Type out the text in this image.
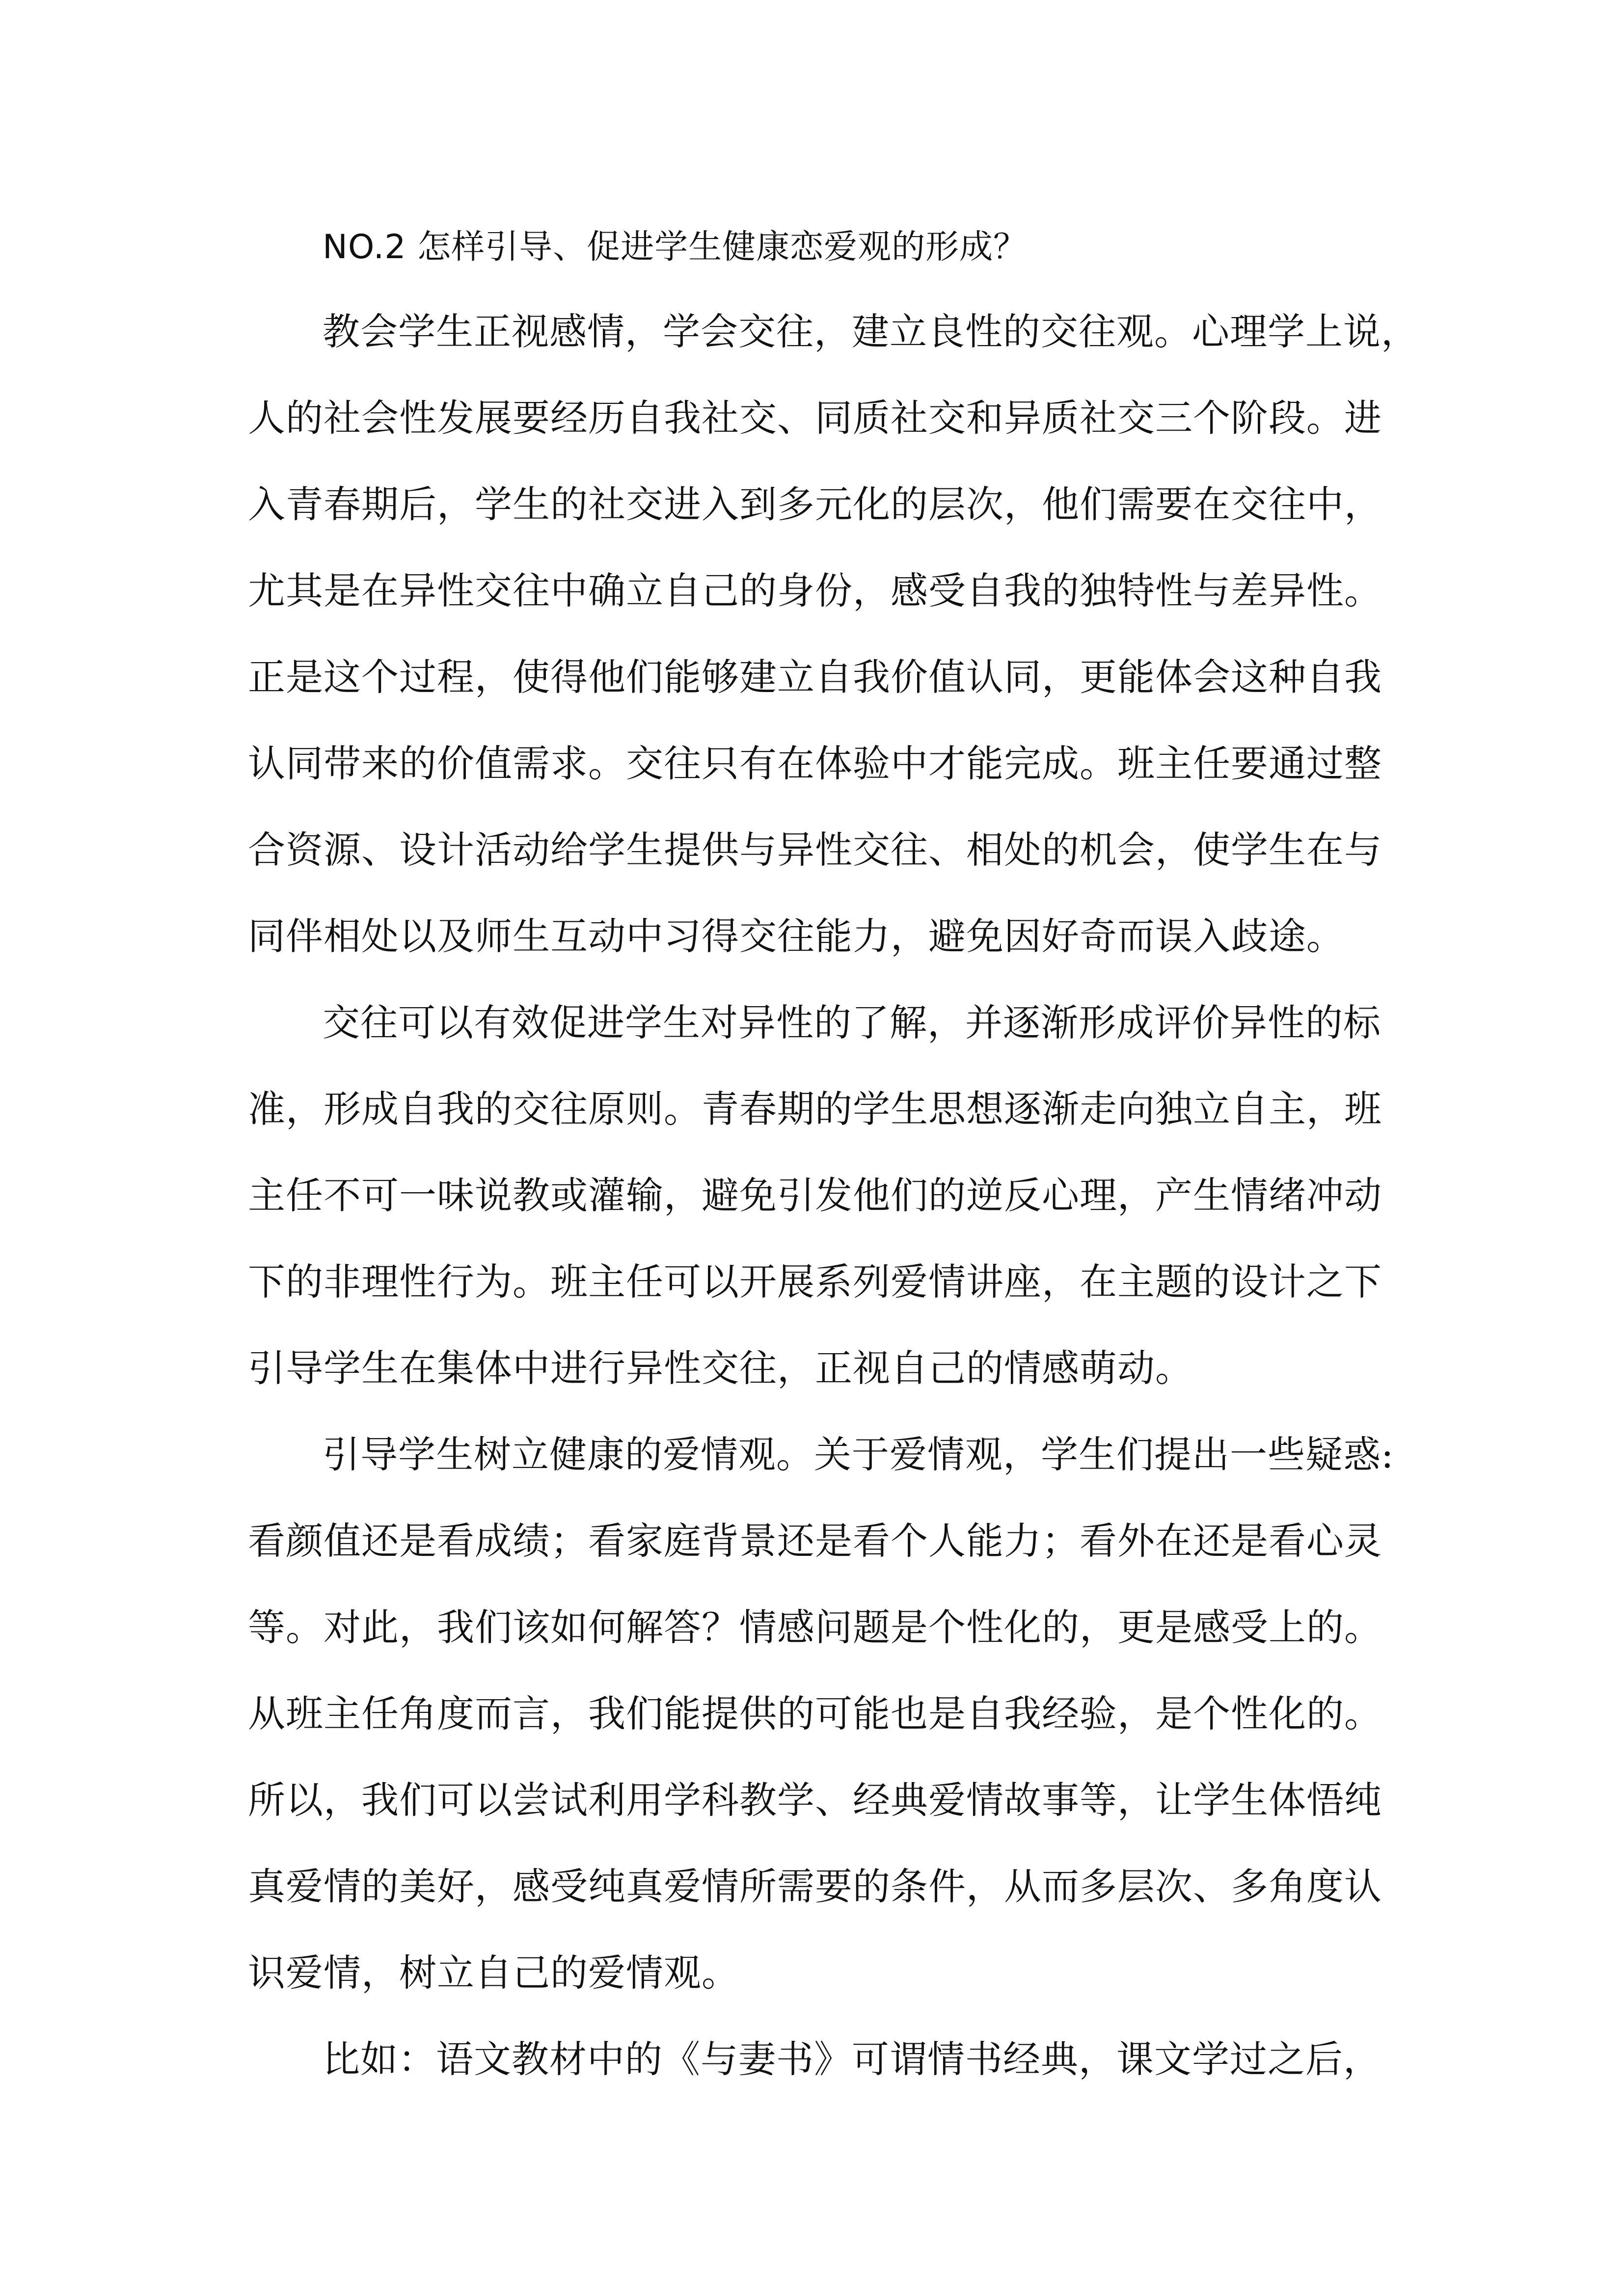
NO.2 怎样引导、促进学生健康恋爱观的形成？

教会学生正视感情，学会交往，建立良性的交往观。心理学上说，
人的社会性发展要经历自我社交、同质社交和异质社交三个阶段。进
入青春期后，学生的社交进入到多元化的层次，他们需要在交往中，
尤其是在异性交往中确立自己的身份，感受自我的独特性与差异性。
正是这个过程，使得他们能够建立自我价值认同，更能体会这种自我
认同带来的价值需求。交往只有在体验中才能完成。班主任要通过整
合资源、设计活动给学生提供与异性交往、相处的机会，使学生在与
同伴相处以及师生互动中习得交往能力，避免因好奇而误入歧途。

交往可以有效促进学生对异性的了解，并逐渐形成评价异性的标
准，形成自我的交往原则。青春期的学生思想逐渐走向独立自主，班
主任不可一味说教或灌输，避免引发他们的逆反心理，产生情绪冲动
下的非理性行为。班主任可以开展系列爱情讲座，在主题的设计之下
引导学生在集体中进行异性交往，正视自己的情感萌动。

引导学生树立健康的爱情观。关于爱情观，学生们提出一些疑惑:
看颜值还是看成绩；看家庭背景还是看个人能力；看外在还是看心灵
等。对此，我们该如何解答？情感问题是个性化的，更是感受上的。
从班主任角度而言，我们能提供的可能也是自我经验，是个性化的。
所以，我们可以尝试利用学科教学、经典爱情故事等，让学生体悟纯
真爱情的美好，感受纯真爱情所需要的条件，从而多层次、多角度认
识爱情，树立自己的爱情观。

比如：语文教材中的《与妻书》可谓情书经典，课文学过之后，
